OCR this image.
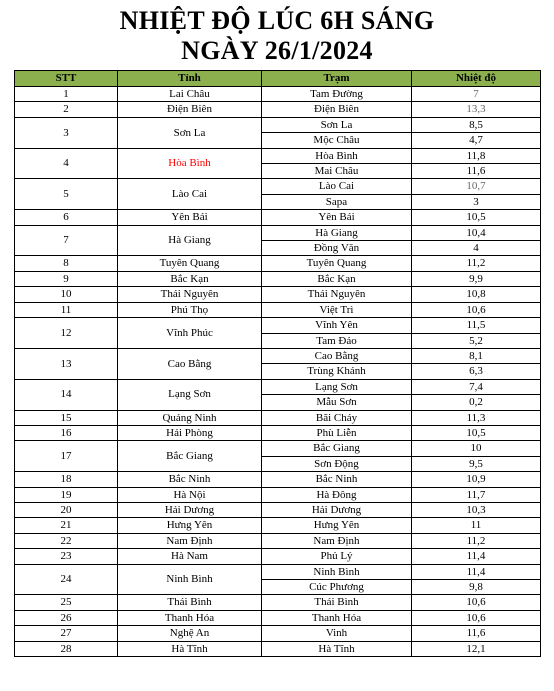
NHIỆT ĐỘ LÚC 6H SÁNG
NGÀY 26/1/2024
STT	Tỉnh	Trạm	Nhiệt độ
1	Lai Châu	Tam Đường	7
2	Điện Biên	Điện Biên	13,3
3	Sơn La	Sơn La	8,5
		Mộc Châu	4,7
4	Hòa Bình	Hòa Bình	11,8
		Mai Châu	11,6
5	Lào Cai	Lào Cai	10,7
		Sapa	3
6	Yên Bái	Yên Bái	10,5
7	Hà Giang	Hà Giang	10,4
		Đồng Văn	4
8	Tuyên Quang	Tuyên Quang	11,2
9	Bắc Kạn	Bắc Kạn	9,9
10	Thái Nguyên	Thái Nguyên	10,8
11	Phú Thọ	Việt Trì	10,6
12	Vĩnh Phúc	Vĩnh Yên	11,5
		Tam Đảo	5,2
13	Cao Bằng	Cao Bằng	8,1
		Trùng Khánh	6,3
14	Lạng Sơn	Lạng Sơn	7,4
		Mẫu Sơn	0,2
15	Quảng Ninh	Bãi Cháy	11,3
16	Hải Phòng	Phù Liễn	10,5
17	Bắc Giang	Bắc Giang	10
		Sơn Động	9,5
18	Bắc Ninh	Bắc Ninh	10,9
19	Hà Nội	Hà Đông	11,7
20	Hải Dương	Hải Dương	10,3
21	Hưng Yên	Hưng Yên	11
22	Nam Định	Nam Định	11,2
23	Hà Nam	Phủ Lý	11,4
24	Ninh Bình	Ninh Bình	11,4
		Cúc Phương	9,8
25	Thái Bình	Thái Bình	10,6
26	Thanh Hóa	Thanh Hóa	10,6
27	Nghệ An	Vinh	11,6
28	Hà Tĩnh	Hà Tĩnh	12,1
